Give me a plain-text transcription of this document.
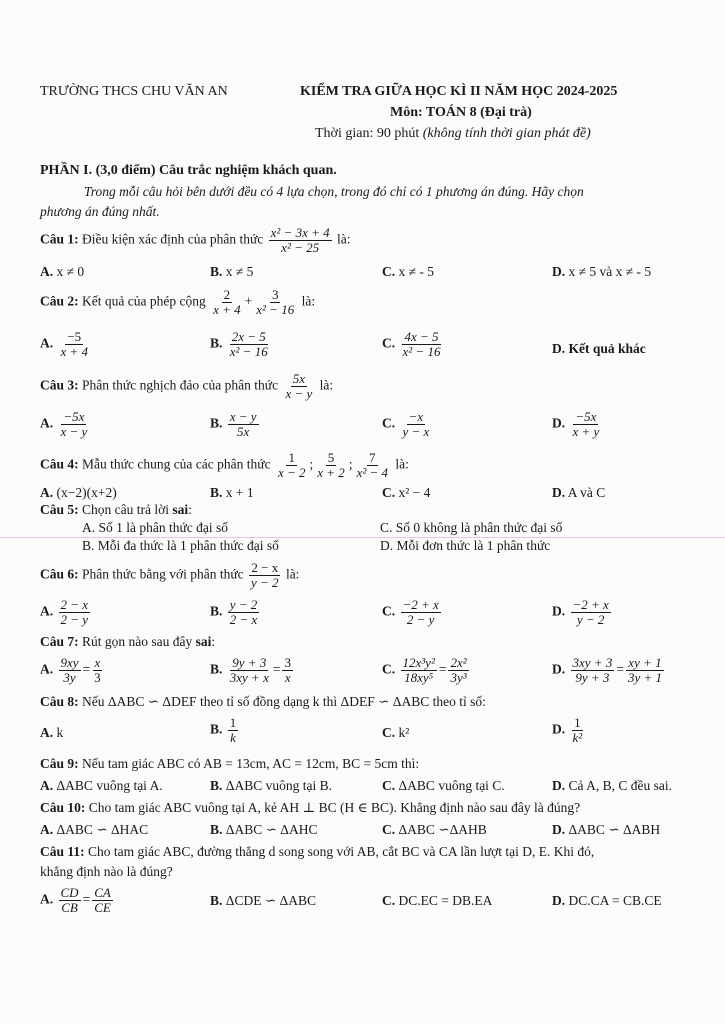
TRƯỜNG THCS CHU VĂN AN	KIỂM TRA GIỮA HỌC KÌ II NĂM HỌC 2024-2025
Môn: TOÁN 8 (Đại trà)
Thời gian: 90 phút (không tính thời gian phát đề)
PHẦN I. (3,0 điểm) Câu trắc nghiệm khách quan.
Trong mỗi câu hỏi bên dưới đều có 4 lựa chọn, trong đó chỉ có 1 phương án đúng. Hãy chọn
phương án đúng nhất.
Câu 1: Điều kiện xác định của phân thức $\frac{\text{x² − 3x + 4}}{\text{x² − 25}}$ là:
A. x ≠ 0	B. x ≠ 5	C. x ≠ - 5	D. x ≠ 5 và x ≠ - 5
Câu 2: Kết quả của phép cộng $\frac{2}{x + 4} + \frac{3}{\text{x² − 16}}$ là:
A. $\frac{-5}{x + 4}$	B. $\frac{2x - 5}{\text{x² − 16}}$	C. $\frac{4x - 5}{\text{x² − 16}}$	D. Kết quả khác
Câu 3: Phân thức nghịch đảo của phân thức $\frac{5x}{x - y}$ là:
A. $\frac{-5x}{x - y}$	B. $\frac{x - y}{5x}$	C. $\frac{-x}{y - x}$	D. $\frac{-5x}{x + y}$
Câu 4: Mẫu thức chung của các phân thức $\frac{1}{x - 2}$ ; $\frac{5}{x + 2}$ ; $\frac{7}{\text{x² − 4}}$ là:
A. (x−2)(x+2)	B. x + 1	C. x² − 4	D. A và C
Câu 5: Chọn câu trả lời sai:
A. Số 1 là phân thức đại số	C. Số 0 không là phân thức đại số
B. Mỗi đa thức là 1 phân thức đại số	D. Mỗi đơn thức là 1 phân thức
Câu 6: Phân thức bằng với phân thức $\frac{2 - x}{y - 2}$ là:
A. $\frac{2 - x}{2 - y}$	B. $\frac{y - 2}{2 - x}$	C. $\frac{-2 + x}{2 - y}$	D. $\frac{-2 + x}{y - 2}$
Câu 7: Rút gọn nào sau đây sai:
A. $\frac{9xy}{3y} = \frac{x}{3}$	B. $\frac{9y + 3}{3xy + x} = \frac{3}{x}$	C. $\frac{\text{12x³y²}}{\text{18xy⁵}} = \frac{\text{2x²}}{\text{3y³}}$	D. $\frac{3xy + 3}{9y + 3} = \frac{xy + 1}{3y + 1}$
Câu 8: Nếu ΔABC ∽ ΔDEF theo tỉ số đồng dạng k thì ΔDEF ∽ ΔABC theo tỉ số:
A. k	B. $\frac{1}{k}$	C. k²	D. $\frac{1}{\text{k²}}$
Câu 9: Nếu tam giác ABC có AB = 13cm, AC = 12cm, BC = 5cm thì:
A. ΔABC vuông tại A.	B. ΔABC vuông tại B.	C. ΔABC vuông tại C.	D. Cả A, B, C đều sai.
Câu 10: Cho tam giác ABC vuông tại A, kẻ AH ⊥ BC (H ∈ BC). Khẳng định nào sau đây là đúng?
A. ΔABC ∽ ΔHAC	B. ΔABC ∽ ΔAHC	C. ΔABC ∽ΔAHB	D. ΔABC ∽ ΔABH
Câu 11: Cho tam giác ABC, đường thẳng d song song với AB, cắt BC và CA lần lượt tại D, E. Khi đó,
khẳng định nào là đúng?
A. $\frac{CD}{CB} = \frac{CA}{CE}$	B. ΔCDE ∽ ΔABC	C. DC.EC = DB.EA	D. DC.CA = CB.CE
